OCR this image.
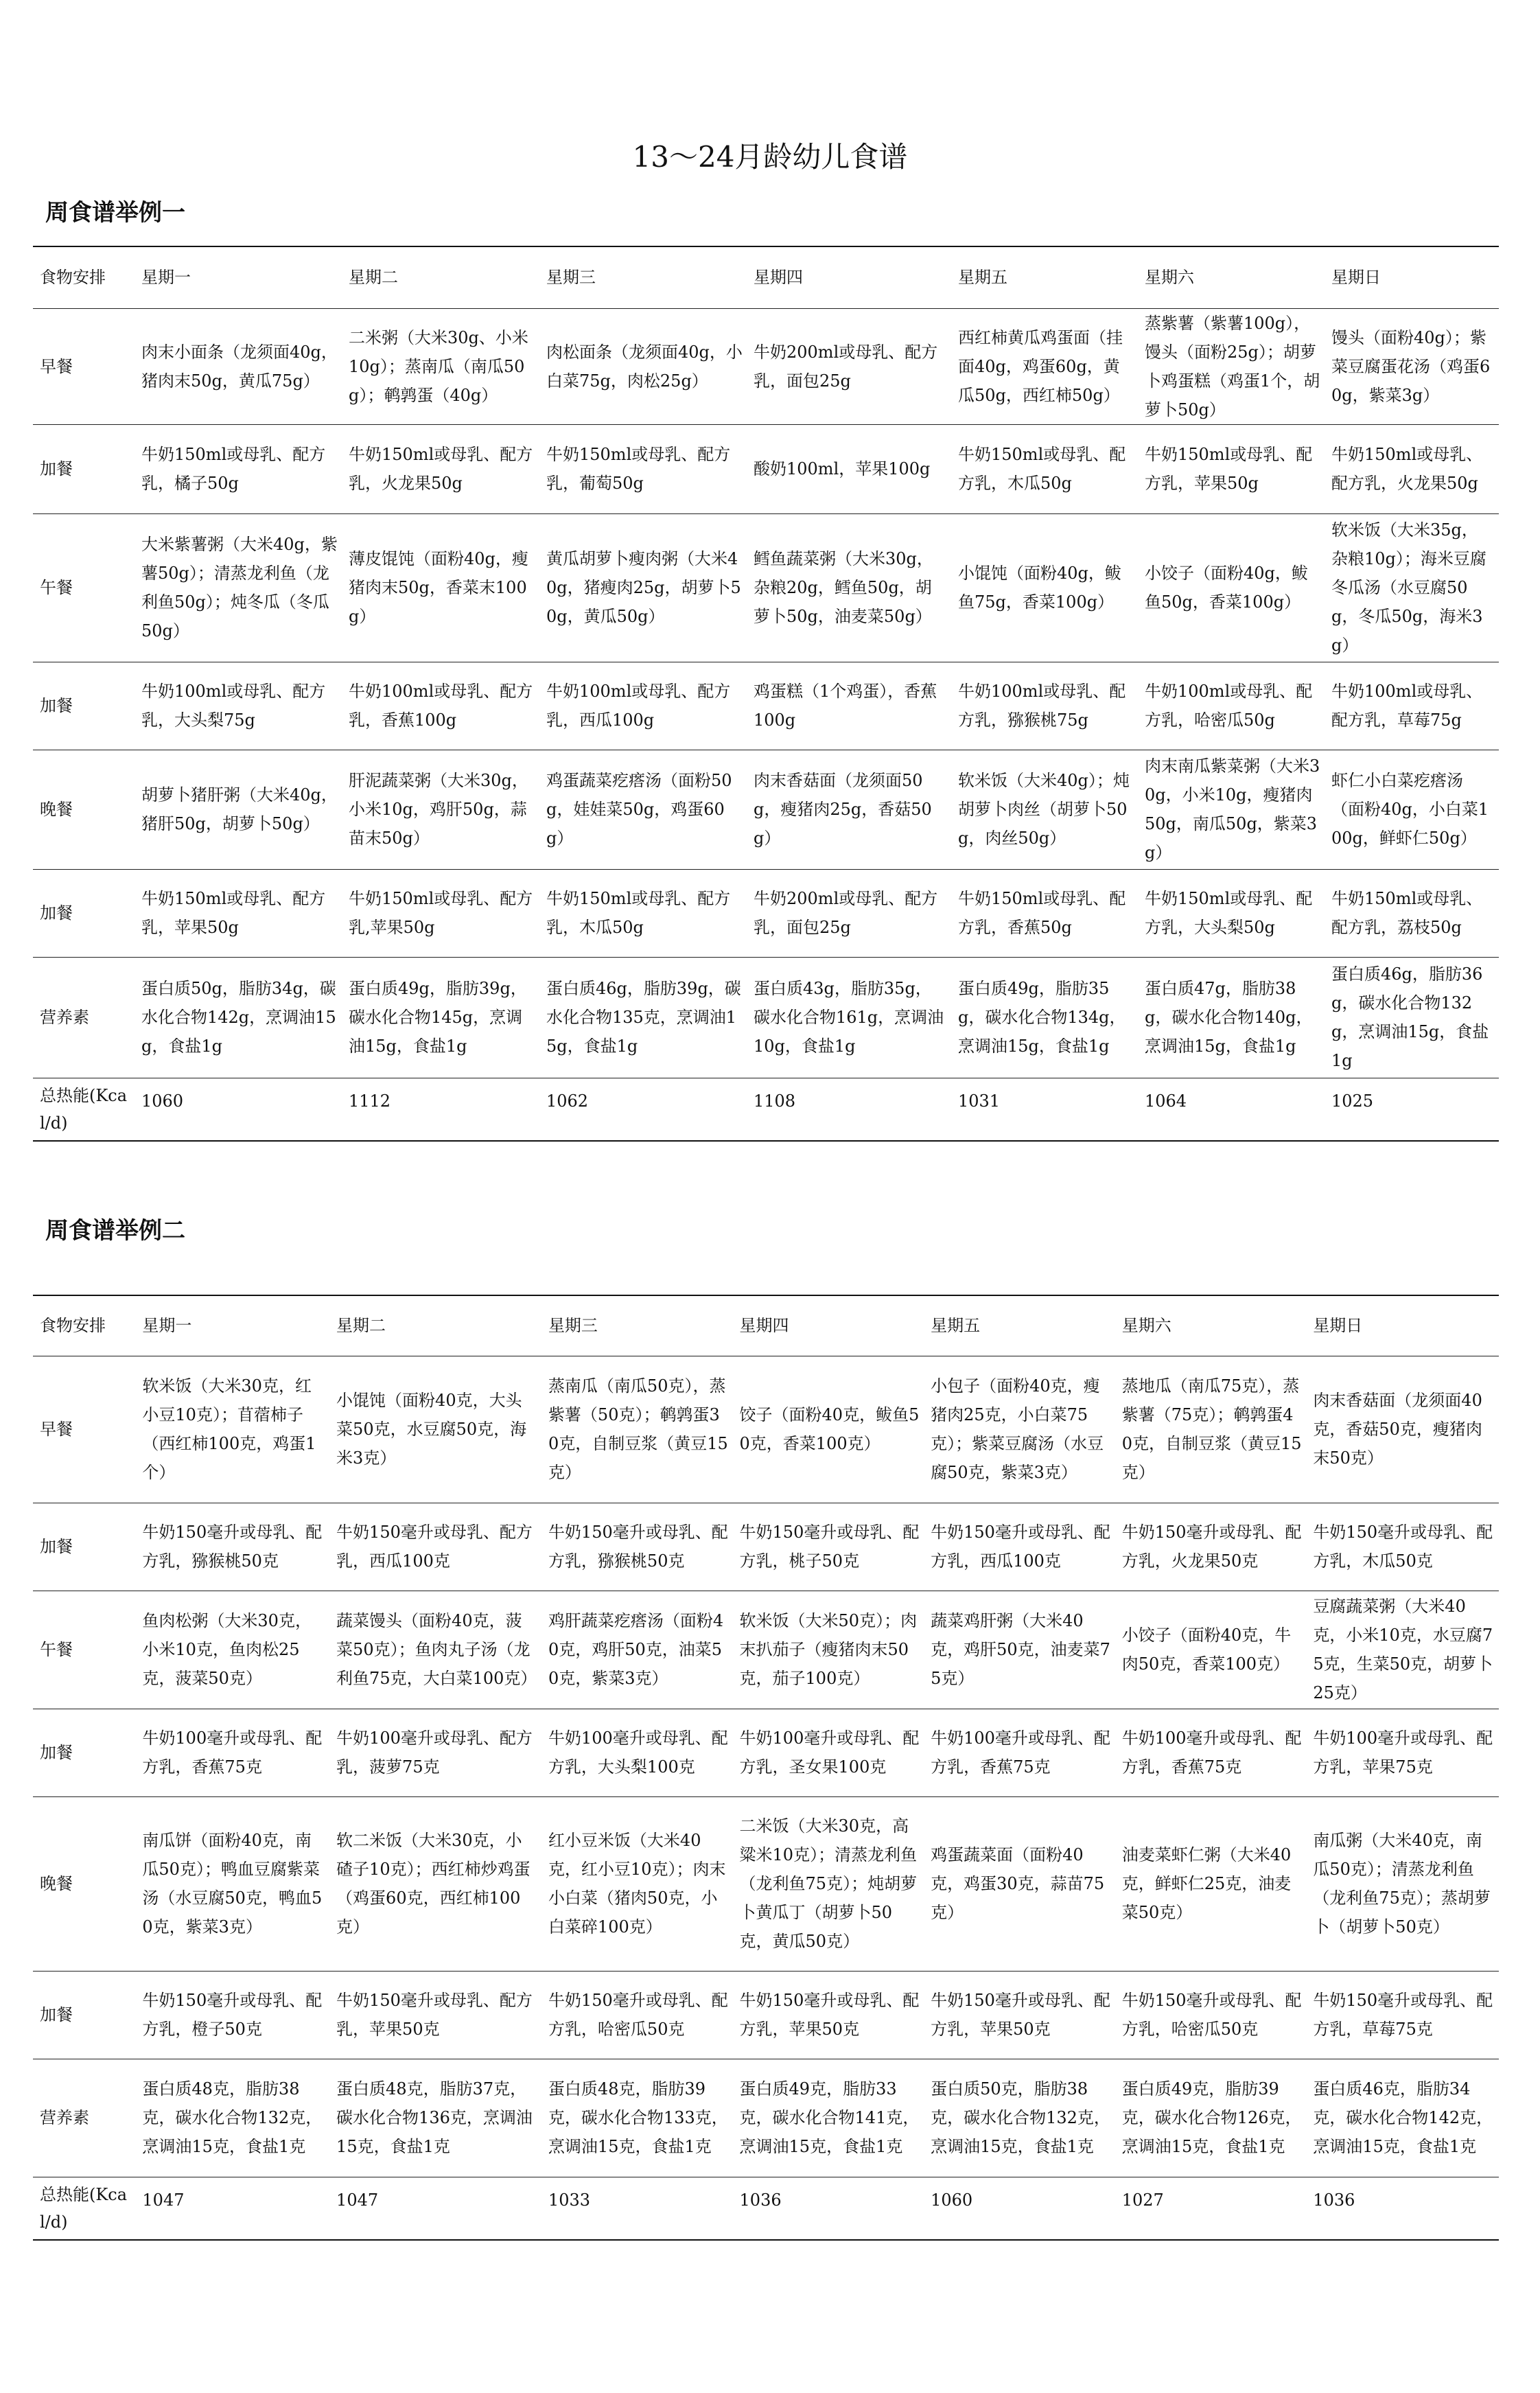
13～24月龄幼儿食谱
周食谱举例一
食物安排	星期一	星期二	星期三	星期四	星期五	星期六	星期日
早餐	肉末小面条（龙须面40g，猪肉末50g，黄瓜75g）	二米粥（大米30g、小米10g）；蒸南瓜（南瓜50g）；鹌鹑蛋（40g）	肉松面条（龙须面40g，小白菜75g，肉松25g）	牛奶200ml或母乳、配方乳，面包25g	西红柿黄瓜鸡蛋面（挂面40g，鸡蛋60g，黄瓜50g，西红柿50g）	蒸紫薯（紫薯100g），馒头（面粉25g）；胡萝卜鸡蛋糕（鸡蛋1个，胡萝卜50g）	馒头（面粉40g）；紫菜豆腐蛋花汤（鸡蛋60g，紫菜3g）
加餐	牛奶150ml或母乳、配方乳，橘子50g	牛奶150ml或母乳、配方乳，火龙果50g	牛奶150ml或母乳、配方乳，葡萄50g	酸奶100ml，苹果100g	牛奶150ml或母乳、配方乳，木瓜50g	牛奶150ml或母乳、配方乳，苹果50g	牛奶150ml或母乳、配方乳，火龙果50g
午餐	大米紫薯粥（大米40g，紫薯50g）；清蒸龙利鱼（龙利鱼50g）；炖冬瓜（冬瓜50g）	薄皮馄饨（面粉40g，瘦猪肉末50g，香菜末100g）	黄瓜胡萝卜瘦肉粥（大米40g，猪瘦肉25g，胡萝卜50g，黄瓜50g）	鳕鱼蔬菜粥（大米30g，杂粮20g，鳕鱼50g，胡萝卜50g，油麦菜50g）	小馄饨（面粉40g，鲅鱼75g，香菜100g）	小饺子（面粉40g，鲅鱼50g，香菜100g）	软米饭（大米35g，杂粮10g）；海米豆腐冬瓜汤（水豆腐50g，冬瓜50g，海米3g）
加餐	牛奶100ml或母乳、配方乳，大头梨75g	牛奶100ml或母乳、配方乳，香蕉100g	牛奶100ml或母乳、配方乳，西瓜100g	鸡蛋糕（1个鸡蛋），香蕉100g	牛奶100ml或母乳、配方乳，猕猴桃75g	牛奶100ml或母乳、配方乳，哈密瓜50g	牛奶100ml或母乳、配方乳，草莓75g
晚餐	胡萝卜猪肝粥（大米40g，猪肝50g，胡萝卜50g）	肝泥蔬菜粥（大米30g，小米10g，鸡肝50g，蒜苗末50g）	鸡蛋蔬菜疙瘩汤（面粉50g，娃娃菜50g，鸡蛋60g）	肉末香菇面（龙须面50g，瘦猪肉25g，香菇50g）	软米饭（大米40g）；炖胡萝卜肉丝（胡萝卜50g，肉丝50g）	肉末南瓜紫菜粥（大米30g，小米10g，瘦猪肉50g，南瓜50g，紫菜3g）	虾仁小白菜疙瘩汤（面粉40g，小白菜100g，鲜虾仁50g）
加餐	牛奶150ml或母乳、配方乳，苹果50g	牛奶150ml或母乳、配方乳,苹果50g	牛奶150ml或母乳、配方乳，木瓜50g	牛奶200ml或母乳、配方乳，面包25g	牛奶150ml或母乳、配方乳，香蕉50g	牛奶150ml或母乳、配方乳，大头梨50g	牛奶150ml或母乳、配方乳，荔枝50g
营养素	蛋白质50g，脂肪34g，碳水化合物142g，烹调油15g，食盐1g	蛋白质49g，脂肪39g，碳水化合物145g，烹调油15g，食盐1g	蛋白质46g，脂肪39g，碳水化合物135克，烹调油15g，食盐1g	蛋白质43g，脂肪35g，碳水化合物161g，烹调油10g，食盐1g	蛋白质49g，脂肪35g，碳水化合物134g，烹调油15g，食盐1g	蛋白质47g，脂肪38g，碳水化合物140g，烹调油15g，食盐1g	蛋白质46g，脂肪36g，碳水化合物132g，烹调油15g，食盐1g
总热能(Kcal/d)	1060	1112	1062	1108	1031	1064	1025
周食谱举例二
食物安排	星期一	星期二	星期三	星期四	星期五	星期六	星期日
早餐	软米饭（大米30克，红小豆10克）；苜蓿柿子（西红柿100克，鸡蛋1个）	小馄饨（面粉40克，大头菜50克，水豆腐50克，海米3克）	蒸南瓜（南瓜50克），蒸紫薯（50克）；鹌鹑蛋30克，自制豆浆（黄豆15克）	饺子（面粉40克，鲅鱼50克，香菜100克）	小包子（面粉40克，瘦猪肉25克，小白菜75克）；紫菜豆腐汤（水豆腐50克，紫菜3克）	蒸地瓜（南瓜75克），蒸紫薯（75克）；鹌鹑蛋40克，自制豆浆（黄豆15克）	肉末香菇面（龙须面40克，香菇50克，瘦猪肉末50克）
加餐	牛奶150毫升或母乳、配方乳，猕猴桃50克	牛奶150毫升或母乳、配方乳，西瓜100克	牛奶150毫升或母乳、配方乳，猕猴桃50克	牛奶150毫升或母乳、配方乳，桃子50克	牛奶150毫升或母乳、配方乳，西瓜100克	牛奶150毫升或母乳、配方乳，火龙果50克	牛奶150毫升或母乳、配方乳，木瓜50克
午餐	鱼肉松粥（大米30克，小米10克，鱼肉松25克，菠菜50克）	蔬菜馒头（面粉40克，菠菜50克）；鱼肉丸子汤（龙利鱼75克，大白菜100克）	鸡肝蔬菜疙瘩汤（面粉40克，鸡肝50克，油菜50克，紫菜3克）	软米饭（大米50克）；肉末扒茄子（瘦猪肉末50克，茄子100克）	蔬菜鸡肝粥（大米40克，鸡肝50克，油麦菜75克）	小饺子（面粉40克，牛肉50克，香菜100克）	豆腐蔬菜粥（大米40克，小米10克，水豆腐75克，生菜50克，胡萝卜25克）
加餐	牛奶100毫升或母乳、配方乳，香蕉75克	牛奶100毫升或母乳、配方乳，菠萝75克	牛奶100毫升或母乳、配方乳，大头梨100克	牛奶100毫升或母乳、配方乳，圣女果100克	牛奶100毫升或母乳、配方乳，香蕉75克	牛奶100毫升或母乳、配方乳，香蕉75克	牛奶100毫升或母乳、配方乳，苹果75克
晚餐	南瓜饼（面粉40克，南瓜50克）；鸭血豆腐紫菜汤（水豆腐50克，鸭血50克，紫菜3克）	软二米饭（大米30克，小碴子10克）；西红柿炒鸡蛋（鸡蛋60克，西红柿100克）	红小豆米饭（大米40克，红小豆10克）；肉末小白菜（猪肉50克，小白菜碎100克）	二米饭（大米30克，高粱米10克）；清蒸龙利鱼（龙利鱼75克）；炖胡萝卜黄瓜丁（胡萝卜50克，黄瓜50克）	鸡蛋蔬菜面（面粉40克，鸡蛋30克，蒜苗75克）	油麦菜虾仁粥（大米40克，鲜虾仁25克，油麦菜50克）	南瓜粥（大米40克，南瓜50克）；清蒸龙利鱼（龙利鱼75克）；蒸胡萝卜（胡萝卜50克）
加餐	牛奶150毫升或母乳、配方乳，橙子50克	牛奶150毫升或母乳、配方乳，苹果50克	牛奶150毫升或母乳、配方乳，哈密瓜50克	牛奶150毫升或母乳、配方乳，苹果50克	牛奶150毫升或母乳、配方乳，苹果50克	牛奶150毫升或母乳、配方乳，哈密瓜50克	牛奶150毫升或母乳、配方乳，草莓75克
营养素	蛋白质48克，脂肪38克，碳水化合物132克，烹调油15克，食盐1克	蛋白质48克，脂肪37克，碳水化合物136克，烹调油15克，食盐1克	蛋白质48克，脂肪39克，碳水化合物133克，烹调油15克，食盐1克	蛋白质49克，脂肪33克，碳水化合物141克，烹调油15克，食盐1克	蛋白质50克，脂肪38克，碳水化合物132克，烹调油15克，食盐1克	蛋白质49克，脂肪39克，碳水化合物126克，烹调油15克，食盐1克	蛋白质46克，脂肪34克，碳水化合物142克，烹调油15克，食盐1克
总热能(Kcal/d)	1047	1047	1033	1036	1060	1027	1036
